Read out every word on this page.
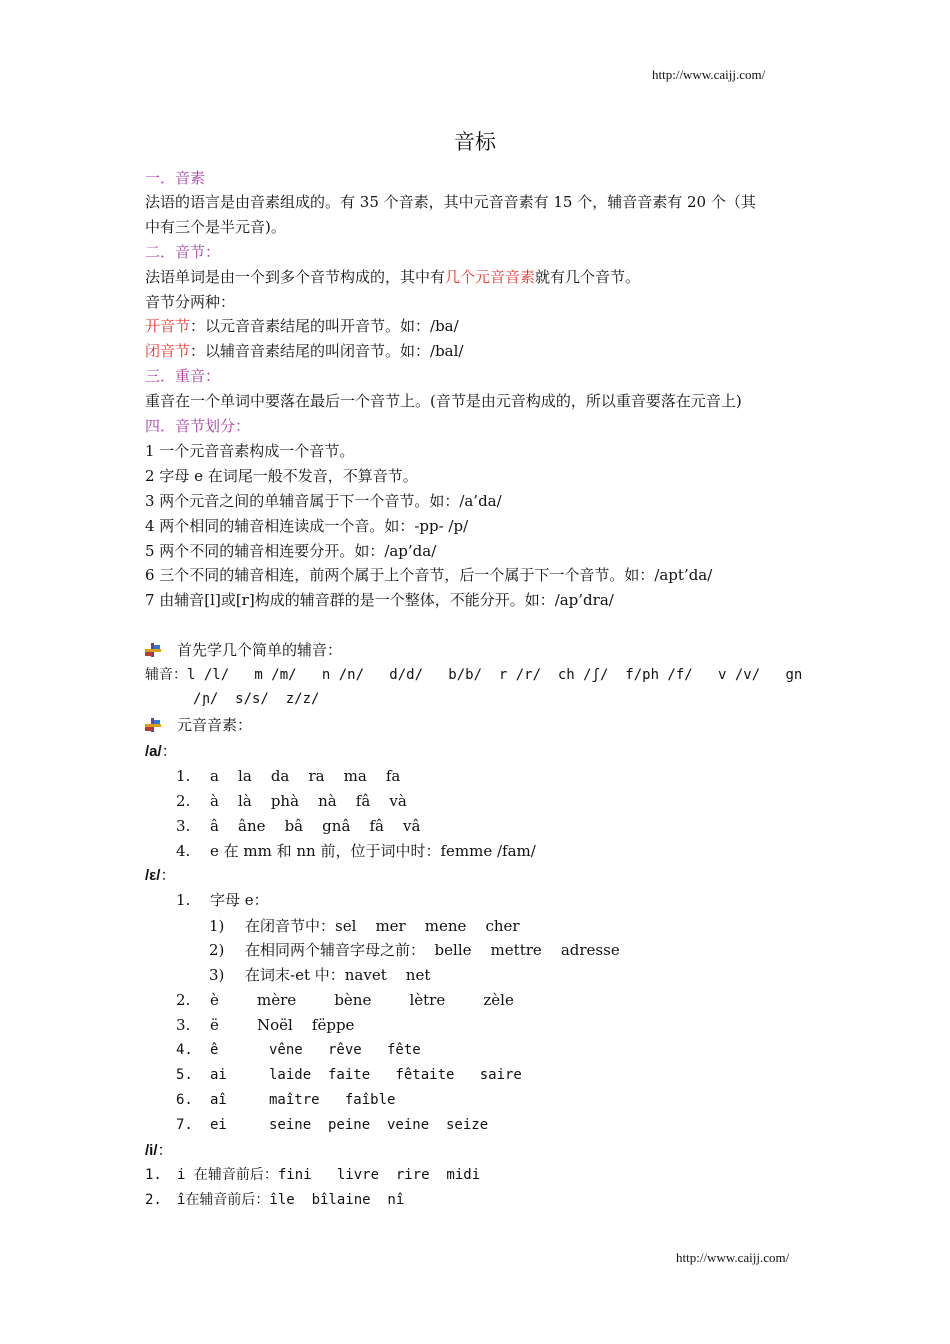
http://www.caijj.com/
音标
一．音素
法语的语言是由音素组成的。有 35 个音素，其中元音音素有 15 个，辅音音素有 20 个（其
中有三个是半元音)。
二．音节：
法语单词是由一个到多个音节构成的，其中有几个元音音素就有几个音节。
音节分两种：
开音节：以元音音素结尾的叫开音节。如：/ba/
闭音节：以辅音音素结尾的叫闭音节。如：/bal/
三．重音：
重音在一个单词中要落在最后一个音节上。(音节是由元音构成的，所以重音要落在元音上)
四．音节划分：
1 一个元音音素构成一个音节。
2 字母 e 在词尾一般不发音，不算音节。
3 两个元音之间的单辅音属于下一个音节。如：/a’da/
4 两个相同的辅音相连读成一个音。如：-pp- /p/
5 两个不同的辅音相连要分开。如：/ap’da/
6 三个不同的辅音相连，前两个属于上个音节，后一个属于下一个音节。如：/apt’da/
7 由辅音[l]或[r]构成的辅音群的是一个整体，不能分开。如：/ap’dra/
首先学几个简单的辅音：
辅音：l /l/   m /m/   n /n/   d/d/   b/b/  r /r/  ch /ʃ/  f/ph /f/   v /v/   gn
/ɲ/  s/s/  z/z/
元音音素：
/a/：
1. a    la    da    ra    ma    fa
2. à    là    phà    nà    fâ    và
3. â    âne    bâ    gnâ    fâ    vâ
4. e 在 mm 和 nn 前，位于词中时：femme /fam/
/ε/：
1. 字母 e：
1) 在闭音节中：sel    mer    mene    cher
2) 在相同两个辅音字母之前：  belle    mettre    adresse
3) 在词末-et 中：navet    net
2. è        mère        bène        lètre        zèle
3. ë        Noël    fëppe
4. ê      vêne   rêve   fête
5. ai     laide  faite   fêtaite   saire
6. aî     maître   faîble
7. ei     seine  peine  veine  seize
/i/：
1. i 在辅音前后：fini   livre  rire  midi
2. î在辅音前后：île  bîlaine  nî
http://www.caijj.com/
